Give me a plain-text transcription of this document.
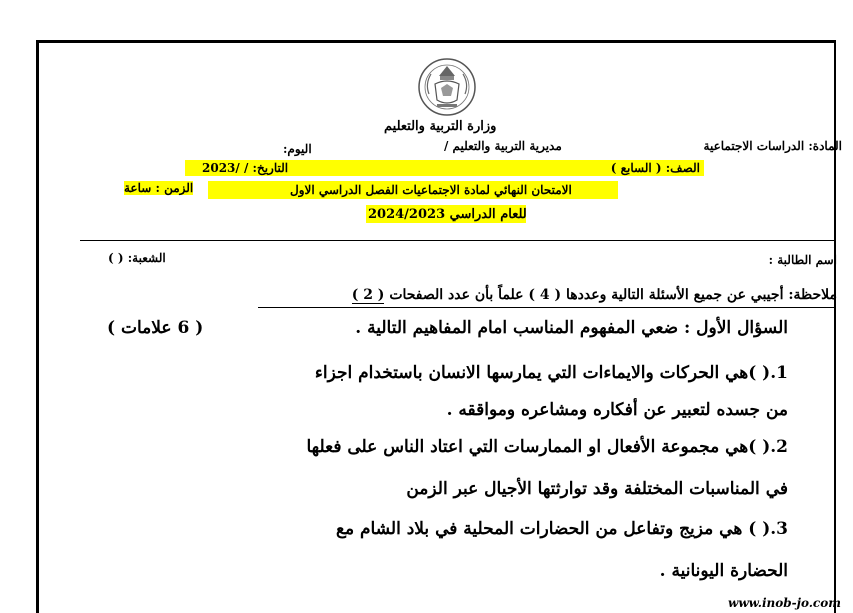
وزارة التربية والتعليم
المادة: الدراسات الاجتماعية
مديرية التربية والتعليم /
اليوم:
الصف: ( السابع )
التاريخ: / /2023
الامتحان النهائي لمادة الاجتماعيات الفصل الدراسي الاول
الزمن : ساعة
للعام الدراسي 2024/2023
اسم الطالبة :
الشعبة: ( )
ملاحظة: أجيبي عن جميع الأسئلة التالية وعددها ( 4 ) علماً بأن عدد الصفحات ( 2 )
السؤال الأول : ضعي المفهوم المناسب امام المفاهيم التالية .
( 6 علامات )
1.( )هي الحركات والايماءات التي يمارسها الانسان باستخدام اجزاء
من جسده لتعبير عن أفكاره ومشاعره ومواققه .
2.( )هي مجموعة الأفعال او الممارسات التي اعتاد الناس على فعلها
في المناسبات المختلفة وقد توارثتها الأجيال عبر الزمن
3.( ) هي مزيج وتفاعل من الحضارات المحلية في بلاد الشام مع
الحضارة اليونانية .
www.inob-jo.com
